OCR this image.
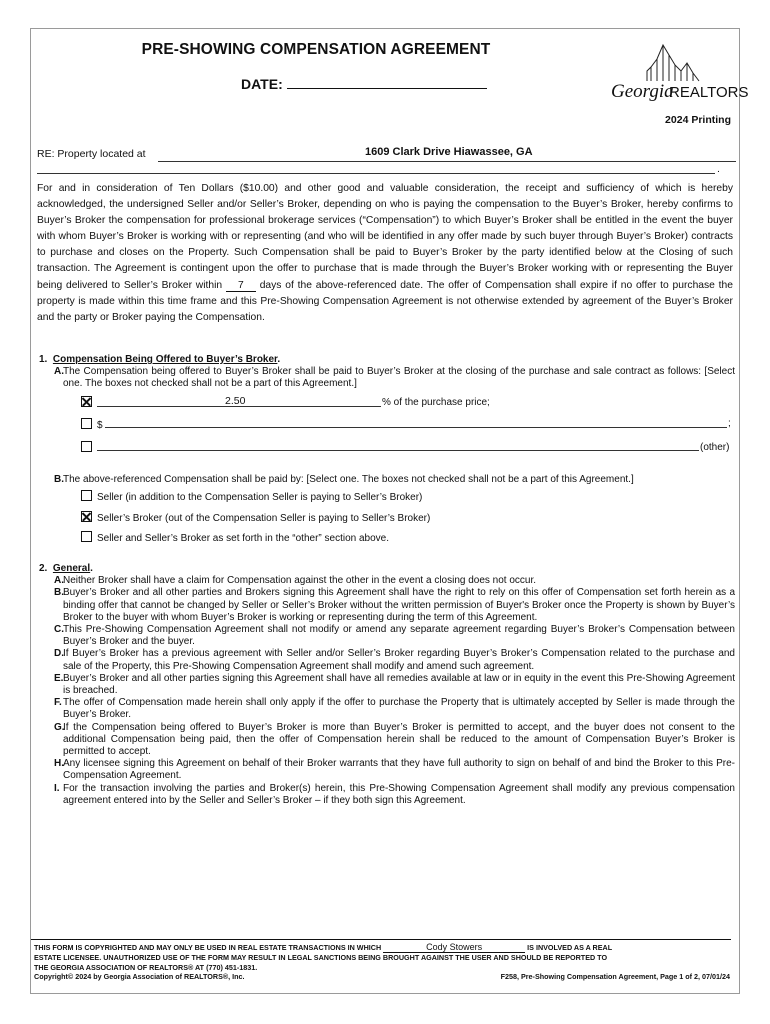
PRE-SHOWING COMPENSATION AGREEMENT
DATE:	Georgia
REALTORS
2024 Printing
RE: Property located at	1609 Clark Drive Hiawassee, GA
.
For and in consideration of Ten Dollars ($10.00) and other good and valuable consideration, the receipt and sufficiency of which is hereby acknowledged, the undersigned Seller and/or Seller’s Broker, depending on who is paying the compensation to the Buyer’s Broker, hereby confirms to Buyer’s Broker the compensation for professional brokerage services (“Compensation”) to which Buyer’s Broker shall be entitled in the event the buyer with whom Buyer’s Broker is working with or representing (and who will be identified in any offer made by such buyer through Buyer’s Broker) contracts to purchase and closes on the Property. Such Compensation shall be paid to Buyer’s Broker by the party identified below at the Closing of such transaction. The Agreement is contingent upon the offer to purchase that is made through the Buyer’s Broker working with or representing the Buyer being delivered to Seller’s Broker within 7 days of the above-referenced date. The offer of Compensation shall expire if no offer to purchase the property is made within this time frame and this Pre-Showing Compensation Agreement is not otherwise extended by agreement of the Buyer’s Broker and the party or Broker paying the Compensation.
1. Compensation Being Offered to Buyer’s Broker.
A. The Compensation being offered to Buyer’s Broker shall be paid to Buyer’s Broker at the closing of the purchase and sale contract as follows: [Select one. The boxes not checked shall not be a part of this Agreement.]
2.50	% of the purchase price;
$	;
(other)
B. The above-referenced Compensation shall be paid by: [Select one. The boxes not checked shall not be a part of this Agreement.]
Seller (in addition to the Compensation Seller is paying to Seller’s Broker)
Seller’s Broker (out of the Compensation Seller is paying to Seller’s Broker)
Seller and Seller’s Broker as set forth in the “other” section above.
2. General.
A. Neither Broker shall have a claim for Compensation against the other in the event a closing does not occur.
B. Buyer’s Broker and all other parties and Brokers signing this Agreement shall have the right to rely on this offer of Compensation set forth herein as a binding offer that cannot be changed by Seller or Seller’s Broker without the written permission of Buyer's Broker once the Property is shown by Buyer’s Broker to the buyer with whom Buyer’s Broker is working or representing during the term of this Agreement.
C. This Pre-Showing Compensation Agreement shall not modify or amend any separate agreement regarding Buyer’s Broker’s Compensation between Buyer’s Broker and the buyer.
D. If Buyer’s Broker has a previous agreement with Seller and/or Seller’s Broker regarding Buyer’s Broker’s Compensation related to the purchase and sale of the Property, this Pre-Showing Compensation Agreement shall modify and amend such agreement.
E. Buyer’s Broker and all other parties signing this Agreement shall have all remedies available at law or in equity in the event this Pre-Showing Agreement is breached.
F. The offer of Compensation made herein shall only apply if the offer to purchase the Property that is ultimately accepted by Seller is made through the Buyer’s Broker.
G.
If the Compensation being offered to Buyer’s Broker is more than Buyer’s Broker is permitted to accept, and the buyer does not consent to the additional Compensation being paid, then the offer of Compensation herein shall be reduced to the amount of Compensation Buyer’s Broker is permitted to accept.
H. Any licensee signing this Agreement on behalf of their Broker warrants that they have full authority to sign on behalf of and bind the Broker to this Pre-Compensation Agreement.
I. For the transaction involving the parties and Broker(s) herein, this Pre-Showing Compensation Agreement shall modify any previous compensation agreement entered into by the Seller and Seller’s Broker – if they both sign this Agreement.
THIS FORM IS COPYRIGHTED AND MAY ONLY BE USED IN REAL ESTATE TRANSACTIONS IN WHICH	Cody Stowers	IS INVOLVED AS A REAL
ESTATE LICENSEE. UNAUTHORIZED USE OF THE FORM MAY RESULT IN LEGAL SANCTIONS BEING BROUGHT AGAINST THE USER AND SHOULD BE REPORTED TO
THE GEORGIA ASSOCIATION OF REALTORS® AT (770) 451-1831.
Copyright© 2024 by Georgia Association of REALTORS®, Inc.	F258, Pre-Showing Compensation Agreement, Page 1 of 2, 07/01/24
